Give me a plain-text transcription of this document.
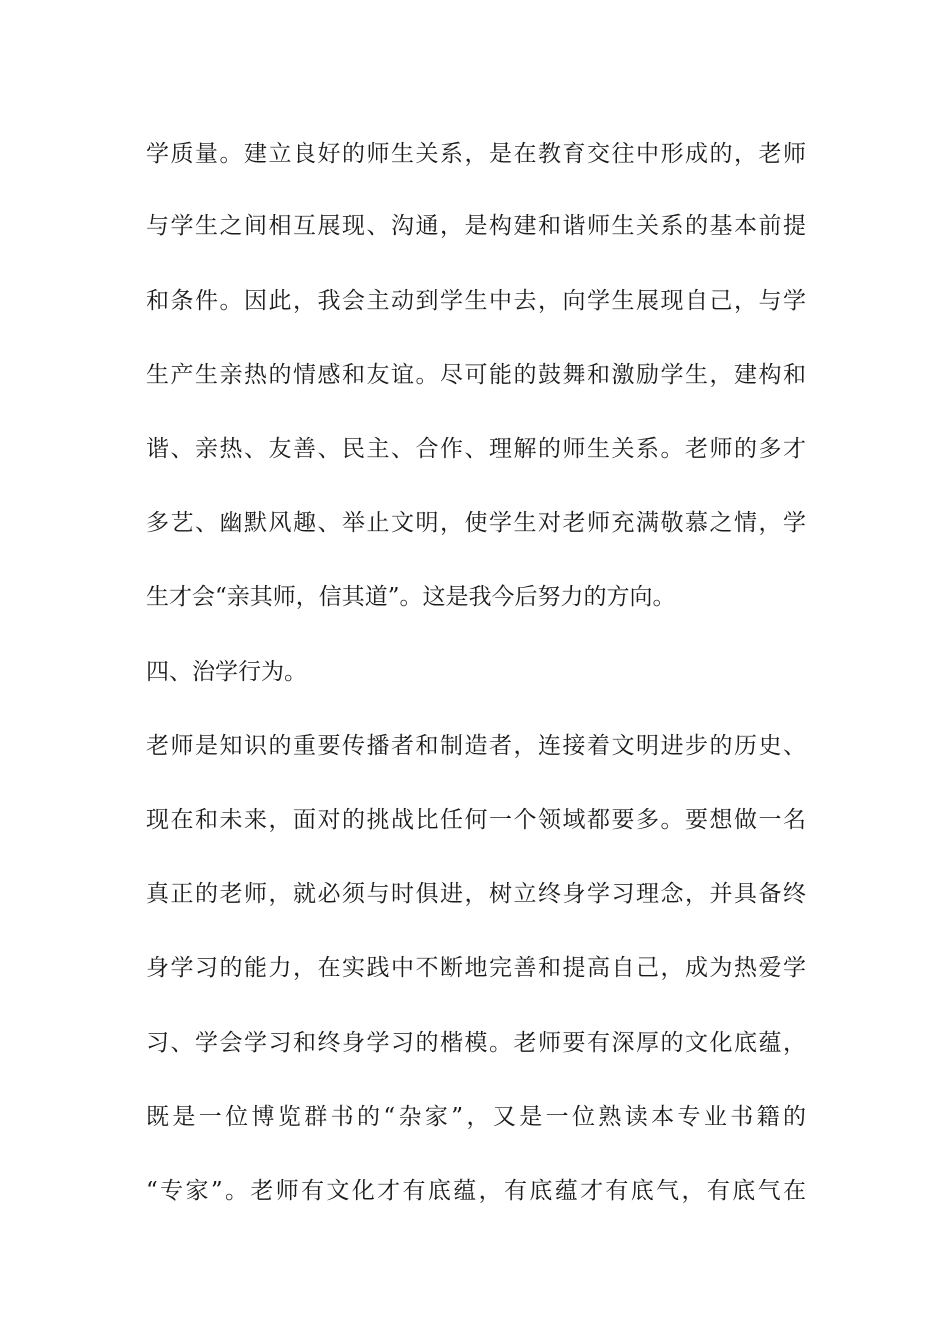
学质量。建立良好的师生关系，是在教育交往中形成的，老师
与学生之间相互展现、沟通，是构建和谐师生关系的基本前提
和条件。因此，我会主动到学生中去，向学生展现自己，与学
生产生亲热的情感和友谊。尽可能的鼓舞和激励学生，建构和
谐、亲热、友善、民主、合作、理解的师生关系。老师的多才
多艺、幽默风趣、举止文明，使学生对老师充满敬慕之情，学
生才会“亲其师，信其道”。这是我今后努力的方向。
四、治学行为。
老师是知识的重要传播者和制造者，连接着文明进步的历史、
现在和未来，面对的挑战比任何一个领域都要多。要想做一名
真正的老师，就必须与时俱进，树立终身学习理念，并具备终
身学习的能力，在实践中不断地完善和提高自己，成为热爱学
习、学会学习和终身学习的楷模。老师要有深厚的文化底蕴，
既是一位博览群书的“杂家”，又是一位熟读本专业书籍的
“专家”。老师有文化才有底蕴，有底蕴才有底气，有底气在
